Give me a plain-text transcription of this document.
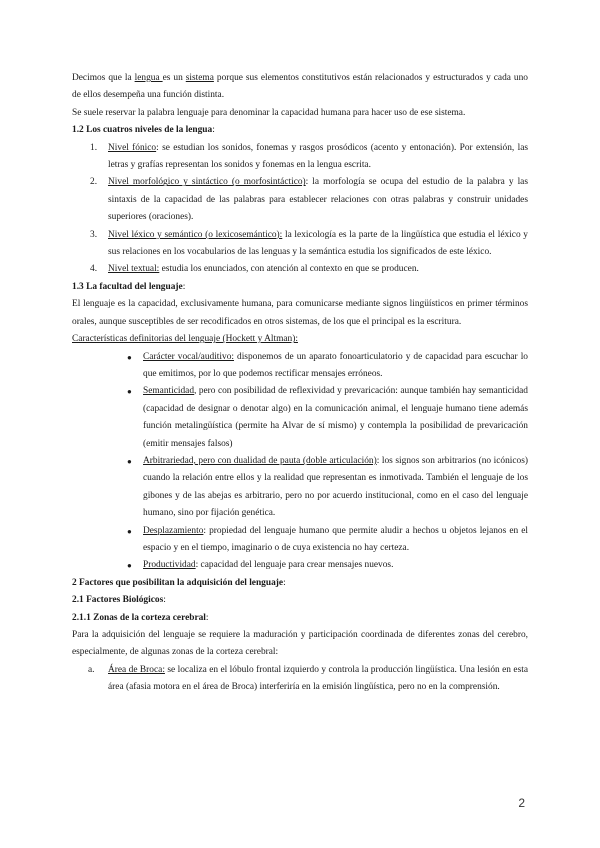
Decimos que la lengua es un sistema porque sus elementos constitutivos están relacionados y estructurados y cada uno de ellos desempeña una función distinta.

Se suele reservar la palabra lenguaje para denominar la capacidad humana para hacer uso de ese sistema.

1.2 Los cuatros niveles de la lengua:

1.	Nivel fónico: se estudian los sonidos, fonemas y rasgos prosódicos (acento y entonación). Por extensión, las letras y grafías representan los sonidos y fonemas en la lengua escrita.
2.	Nivel morfológico y sintáctico (o morfosintáctico): la morfología se ocupa del estudio de la palabra y las sintaxis de la capacidad de las palabras para establecer relaciones con otras palabras y construir unidades superiores (oraciones).
3.	Nivel léxico y semántico (o lexicosemántico): la lexicología es la parte de la lingüística que estudia el léxico y sus relaciones en los vocabularios de las lenguas y la semántica estudia los significados de este léxico.
4.	Nivel textual: estudia los enunciados, con atención al contexto en que se producen.

1.3 La facultad del lenguaje:

El lenguaje es la capacidad, exclusivamente humana, para comunicarse mediante signos lingüísticos en primer términos orales, aunque susceptibles de ser recodificados en otros sistemas, de los que el principal es la escritura.

Características definitorias del lenguaje (Hockett y Altman):

● Carácter vocal/auditivo: disponemos de un aparato fonoarticulatorio y de capacidad para escuchar lo que emitimos, por lo que podemos rectificar mensajes erróneos.
● Semanticidad, pero con posibilidad de reflexividad y prevaricación: aunque también hay semanticidad (capacidad de designar o denotar algo) en la comunicación animal, el lenguaje humano tiene además función metalingüística (permite ha Alvar de sí mismo) y contempla la posibilidad de prevaricación (emitir mensajes falsos)
● Arbitrariedad, pero con dualidad de pauta (doble articulación): los signos son arbitrarios (no icónicos) cuando la relación entre ellos y la realidad que representan es inmotivada. También el lenguaje de los gibones y de las abejas es arbitrario, pero no por acuerdo institucional, como en el caso del lenguaje humano, sino por fijación genética.
● Desplazamiento: propiedad del lenguaje humano que permite aludir a hechos u objetos lejanos en el espacio y en el tiempo, imaginario o de cuya existencia no hay certeza.
● Productividad: capacidad del lenguaje para crear mensajes nuevos.

2 Factores que posibilitan la adquisición del lenguaje:

2.1 Factores Biológicos:

2.1.1 Zonas de la corteza cerebral:

Para la adquisición del lenguaje se requiere la maduración y participación coordinada de diferentes zonas del cerebro, especialmente, de algunas zonas de la corteza cerebral:

a.	Área de Broca: se localiza en el lóbulo frontal izquierdo y controla la producción lingüística. Una lesión en esta área (afasia motora en el área de Broca) interferiría en la emisión lingüística, pero no en la comprensión.
2
